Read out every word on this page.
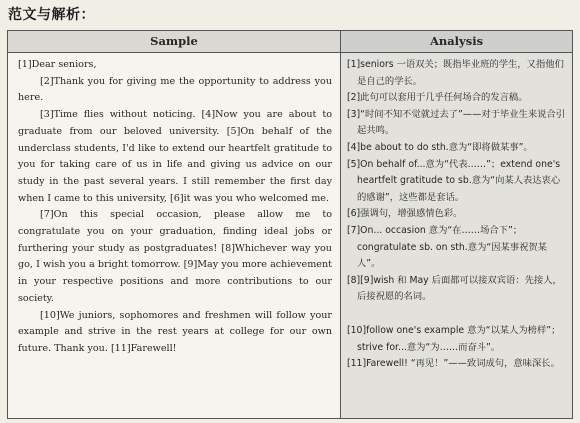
范文与解析：
Sample

[1]Dear seniors,

[2]Thank you for giving me the opportunity to address you here.

[3]Time flies without noticing. [4]Now you are about to graduate from our beloved university. [5]On behalf of the underclass students, I'd like to extend our heartfelt gratitude to you for taking care of us in life and giving us advice on our study in the past several years. I still remember the first day when I came to this university, [6]it was you who welcomed me.

[7]On this special occasion, please allow me to congratulate you on your graduation, finding ideal jobs or furthering your study as postgraduates! [8]Whichever way you go, I wish you a bright tomorrow. [9]May you more achievement in your respective positions and more contributions to our society.

[10]We juniors, sophomores and freshmen will follow your example and strive in the rest years at college for our own future. Thank you. [11]Farewell!

Analysis

[1]seniors 一语双关；既指毕业班的学生，又指他们是自己的学长。

[2]此句可以套用于几乎任何场合的发言稿。

[3]“时间不知不觉就过去了”——对于毕业生来说合引起共鸣。

[4]be about to do sth.意为“即将做某事”。

[5]On behalf of...意为“代表……”；extend one's heartfelt gratitude to sb.意为“向某人表达衷心的感谢”，这些都是套话。

[6]强调句，增强感情色彩。

[7]On... occasion 意为“在……场合下”；congratulate sb. on sth.意为“因某事祝贺某人”。

[8][9]wish 和 May 后面都可以接双宾语：先接人，后接祝愿的名词。

[10]follow one's example 意为“以某人为榜样”；strive for...意为“为……而奋斗”。

[11]Farewell! “再见！”——致词成句，意味深长。
